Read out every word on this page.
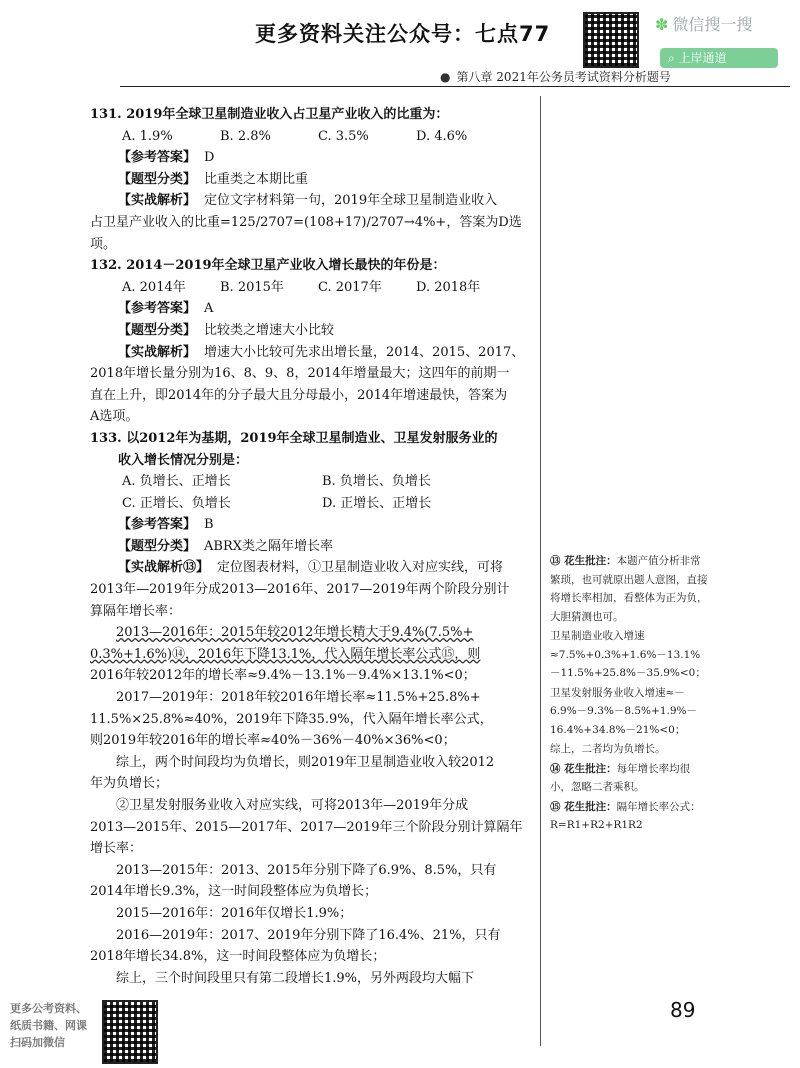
更多资料关注公众号：七点77	✽ 微信搜一搜
⌕ 上岸通道
● 第八章 2021年公务员考试资料分析题号

131. 2019年全球卫星制造业收入占卫星产业收入的比重为：

A. 1.9%	B. 2.8%	C. 3.5%	D. 4.6%

【参考答案】 D

【题型分类】 比重类之本期比重

【实战解析】 定位文字材料第一句，2019年全球卫星制造业收入

占卫星产业收入的比重=125/2707=(108+17)/2707→4%+，答案为D选项。

132. 2014－2019年全球卫星产业收入增长最快的年份是：

A. 2014年	B. 2015年	C. 2017年	D. 2018年

【参考答案】 A

【题型分类】 比较类之增速大小比较

【实战解析】 增速大小比较可先求出增长量，2014、2015、2017、

2018年增长量分别为16、8、9、8，2014年增量最大；这四年的前期一

直在上升，即2014年的分子最大且分母最小，2014年增速最快，答案为

A选项。

133. 以2012年为基期，2019年全球卫星制造业、卫星发射服务业的

收入增长情况分别是：

A. 负增长、正增长	B. 负增长、负增长
C. 正增长、负增长	D. 正增长、正增长

【参考答案】 B

【题型分类】 ABRX类之隔年增长率

【实战解析⑬】 定位图表材料，①卫星制造业收入对应实线，可将

2013年—2019年分成2013—2016年、2017—2019年两个阶段分别计

算隔年增长率：

2013—2016年：2015年较2012年增长精大于9.4%(7.5%+

0.3%+1.6%)⑭，2016年下降13.1%，代入隔年增长率公式⑮，则

2016年较2012年的增长率≈9.4%－13.1%－9.4%×13.1%<0；

2017—2019年：2018年较2016年增长率≈11.5%+25.8%+

11.5%×25.8%≈40%，2019年下降35.9%，代入隔年增长率公式，

则2019年较2016年的增长率≈40%－36%－40%×36%<0；

综上，两个时间段均为负增长，则2019年卫星制造业收入较2012

年为负增长；

②卫星发射服务业收入对应实线，可将2013年—2019年分成

2013—2015年、2015—2017年、2017—2019年三个阶段分别计算隔年

增长率：

2013—2015年：2013、2015年分别下降了6.9%、8.5%，只有

2014年增长9.3%，这一时间段整体应为负增长；

2015—2016年：2016年仅增长1.9%；

2016—2019年：2017、2019年分别下降了16.4%、21%，只有

2018年增长34.8%，这一时间段整体应为负增长；

综上，三个时间段里只有第二段增长1.9%，另外两段均大幅下

⑬ 花生批注：本题产值分析非常繁琐，也可就原出题人意图，直接将增长率相加，看整体为正为负，大胆猜测也可。

卫星制造业收入增速≈7.5%+0.3%+1.6%－13.1%－11.5%+25.8%－35.9%<0；

卫星发射服务业收入增速≈－6.9%－9.3%－8.5%+1.9%－16.4%+34.8%－21%<0；

综上，二者均为负增长。

⑭ 花生批注：每年增长率均很小，忽略二者乘积。

⑮ 花生批注：隔年增长率公式：R=R1+R2+R1R2

更多公考资料、
纸质书籍、网课
扫码加微信
89
